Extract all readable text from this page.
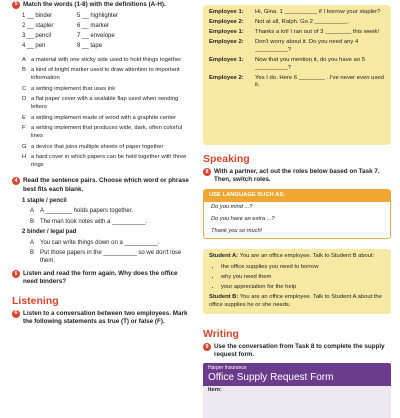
5 Match the words (1-8) with the definitions (A-H).
1 __ binder	5 __ highlighter
2 __ stapler	6 __ marker
3 __ pencil	7 __ envelope
4 __ pen	8 __ tape
A a material with one sticky side used to hold things together
B a kind of bright marker used to draw attention to important information
C a writing implement that uses ink
D a flat paper cover with a sealable flap used when sending letters
E a writing implement made of wood with a graphite center
F a writing implement that produces wide, dark, often colorful lines
G a device that joins multiple sheets of paper together
H a hard cover in which papers can be held together with three rings
4 Read the sentence pairs. Choose which word or phrase best fits each blank.
1 staple / pencil
A A ________ holds papers together.
B The man took notes with a __________.
2 binder / legal pad
A You can write things down on a __________.
B Put those papers in the __________ so we don't lose them.
5 Listen and read the form again. Why does the office need binders?
Listening
6 Listen to a conversation between two employees. Mark the following statements as true (T) or false (F).
Employee 1:	Hi, Gina. 1 __________ if I borrow your stapler?
Employee 2:	Not at all, Ralph. Go 2 __________.
Employee 1:	Thanks a lot! I ran out of 3 ________ this week!
Employee 2:	Don't worry about it. Do you need any 4 __________?
Employee 1:	Now that you mention it, do you have an 5 __________?
Employee 2:	Yes I do. Here 6 ________ . I've never even used it.
Speaking
8 With a partner, act out the roles below based on Task 7. Then, switch roles.
USE LANGUAGE SUCH AS:
Do you mind ...?
Do you have an extra ...?
Thank you so much!
Student A: You are an office employee. Talk to Student B about:
• the office supplies you need to borrow
• why you need them
• your appreciation for the help
Student B: You are an office employee. Talk to Student A about the office supplies he or she needs.
Writing
9 Use the conversation from Task 8 to complete the supply request form.
Harper Insurance
Office Supply Request Form
Item:
